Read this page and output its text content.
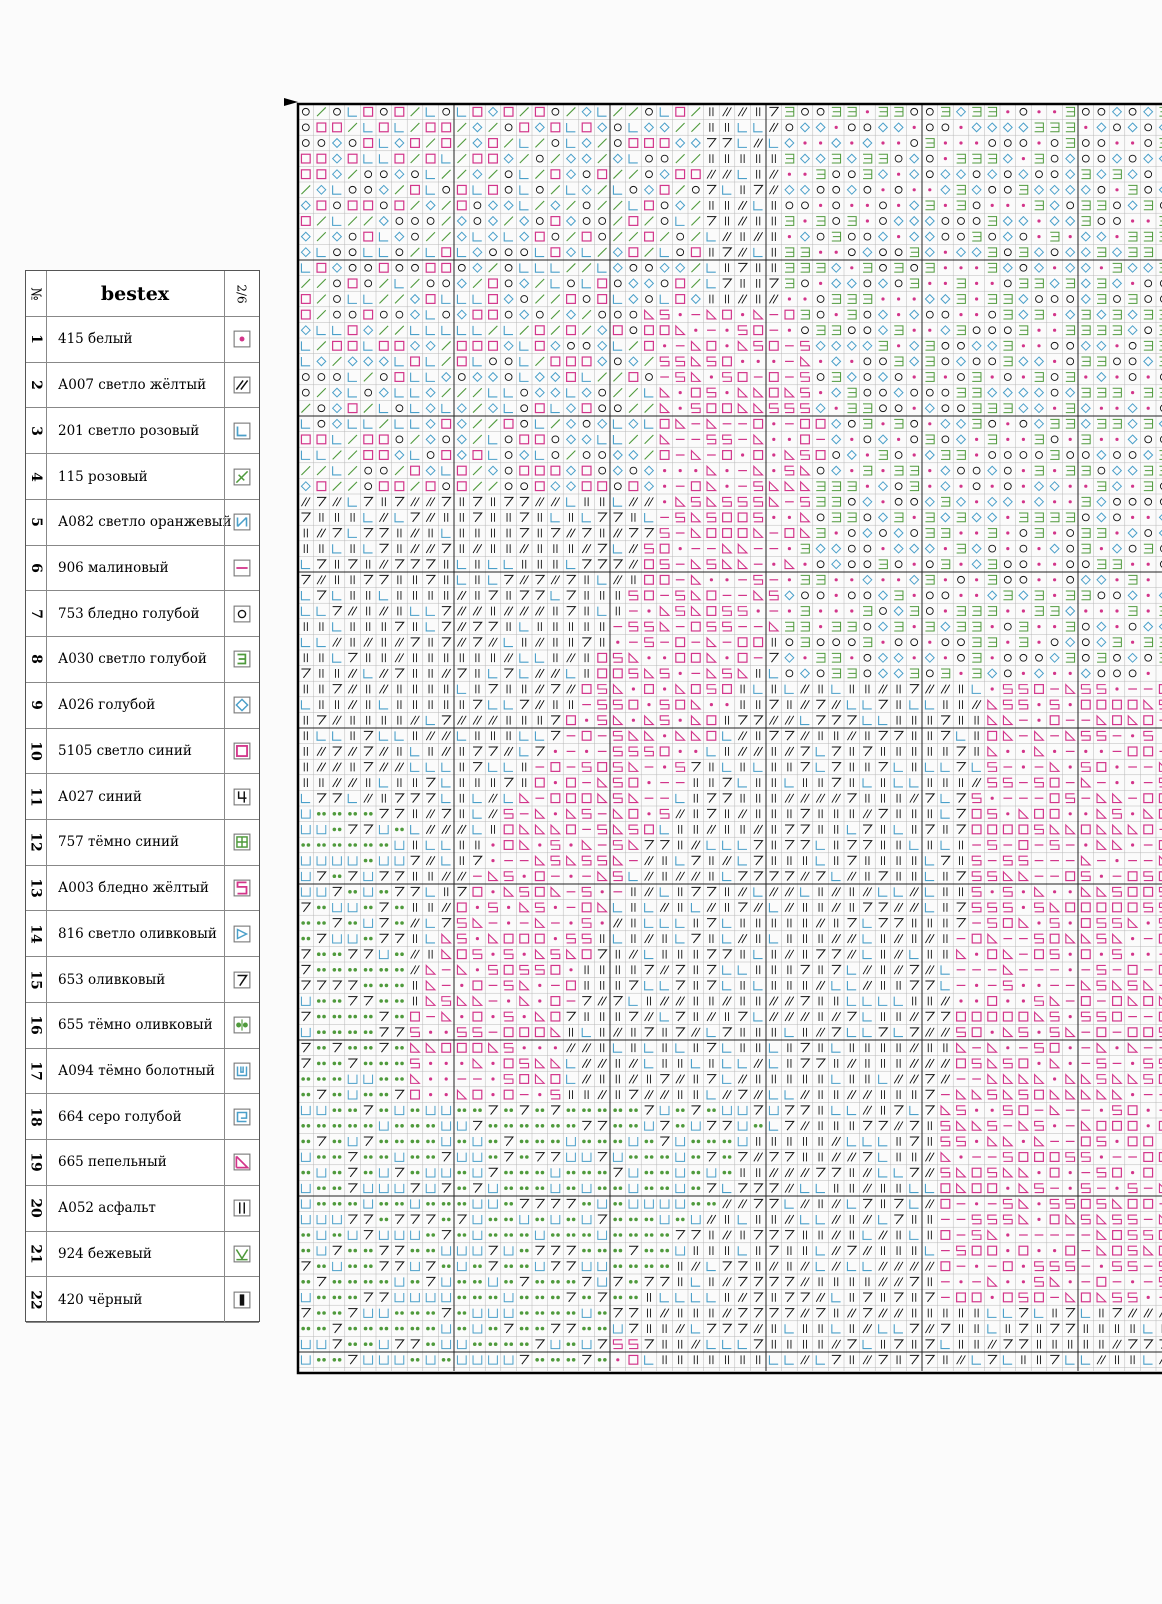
№	bestex	2/6
1 415 белый
2 А007 светло жёлтый
3 201 светло розовый
4 115 розовый
5 А082 светло оранжевый
6 906 малиновый
7 753 бледно голубой
8 А030 светло голубой
9 А026 голубой
10 5105 светло синий
11 А027 синий
12 757 тёмно синий
13 А003 бледно жёлтый
14 816 светло оливковый
15 653 оливковый
16 655 тёмно оливковый
17 А094 тёмно болотный
18 664 серо голубой
19 665 пепельный
20 А052 асфальт
21 924 бежевый
22 420 чёрный
